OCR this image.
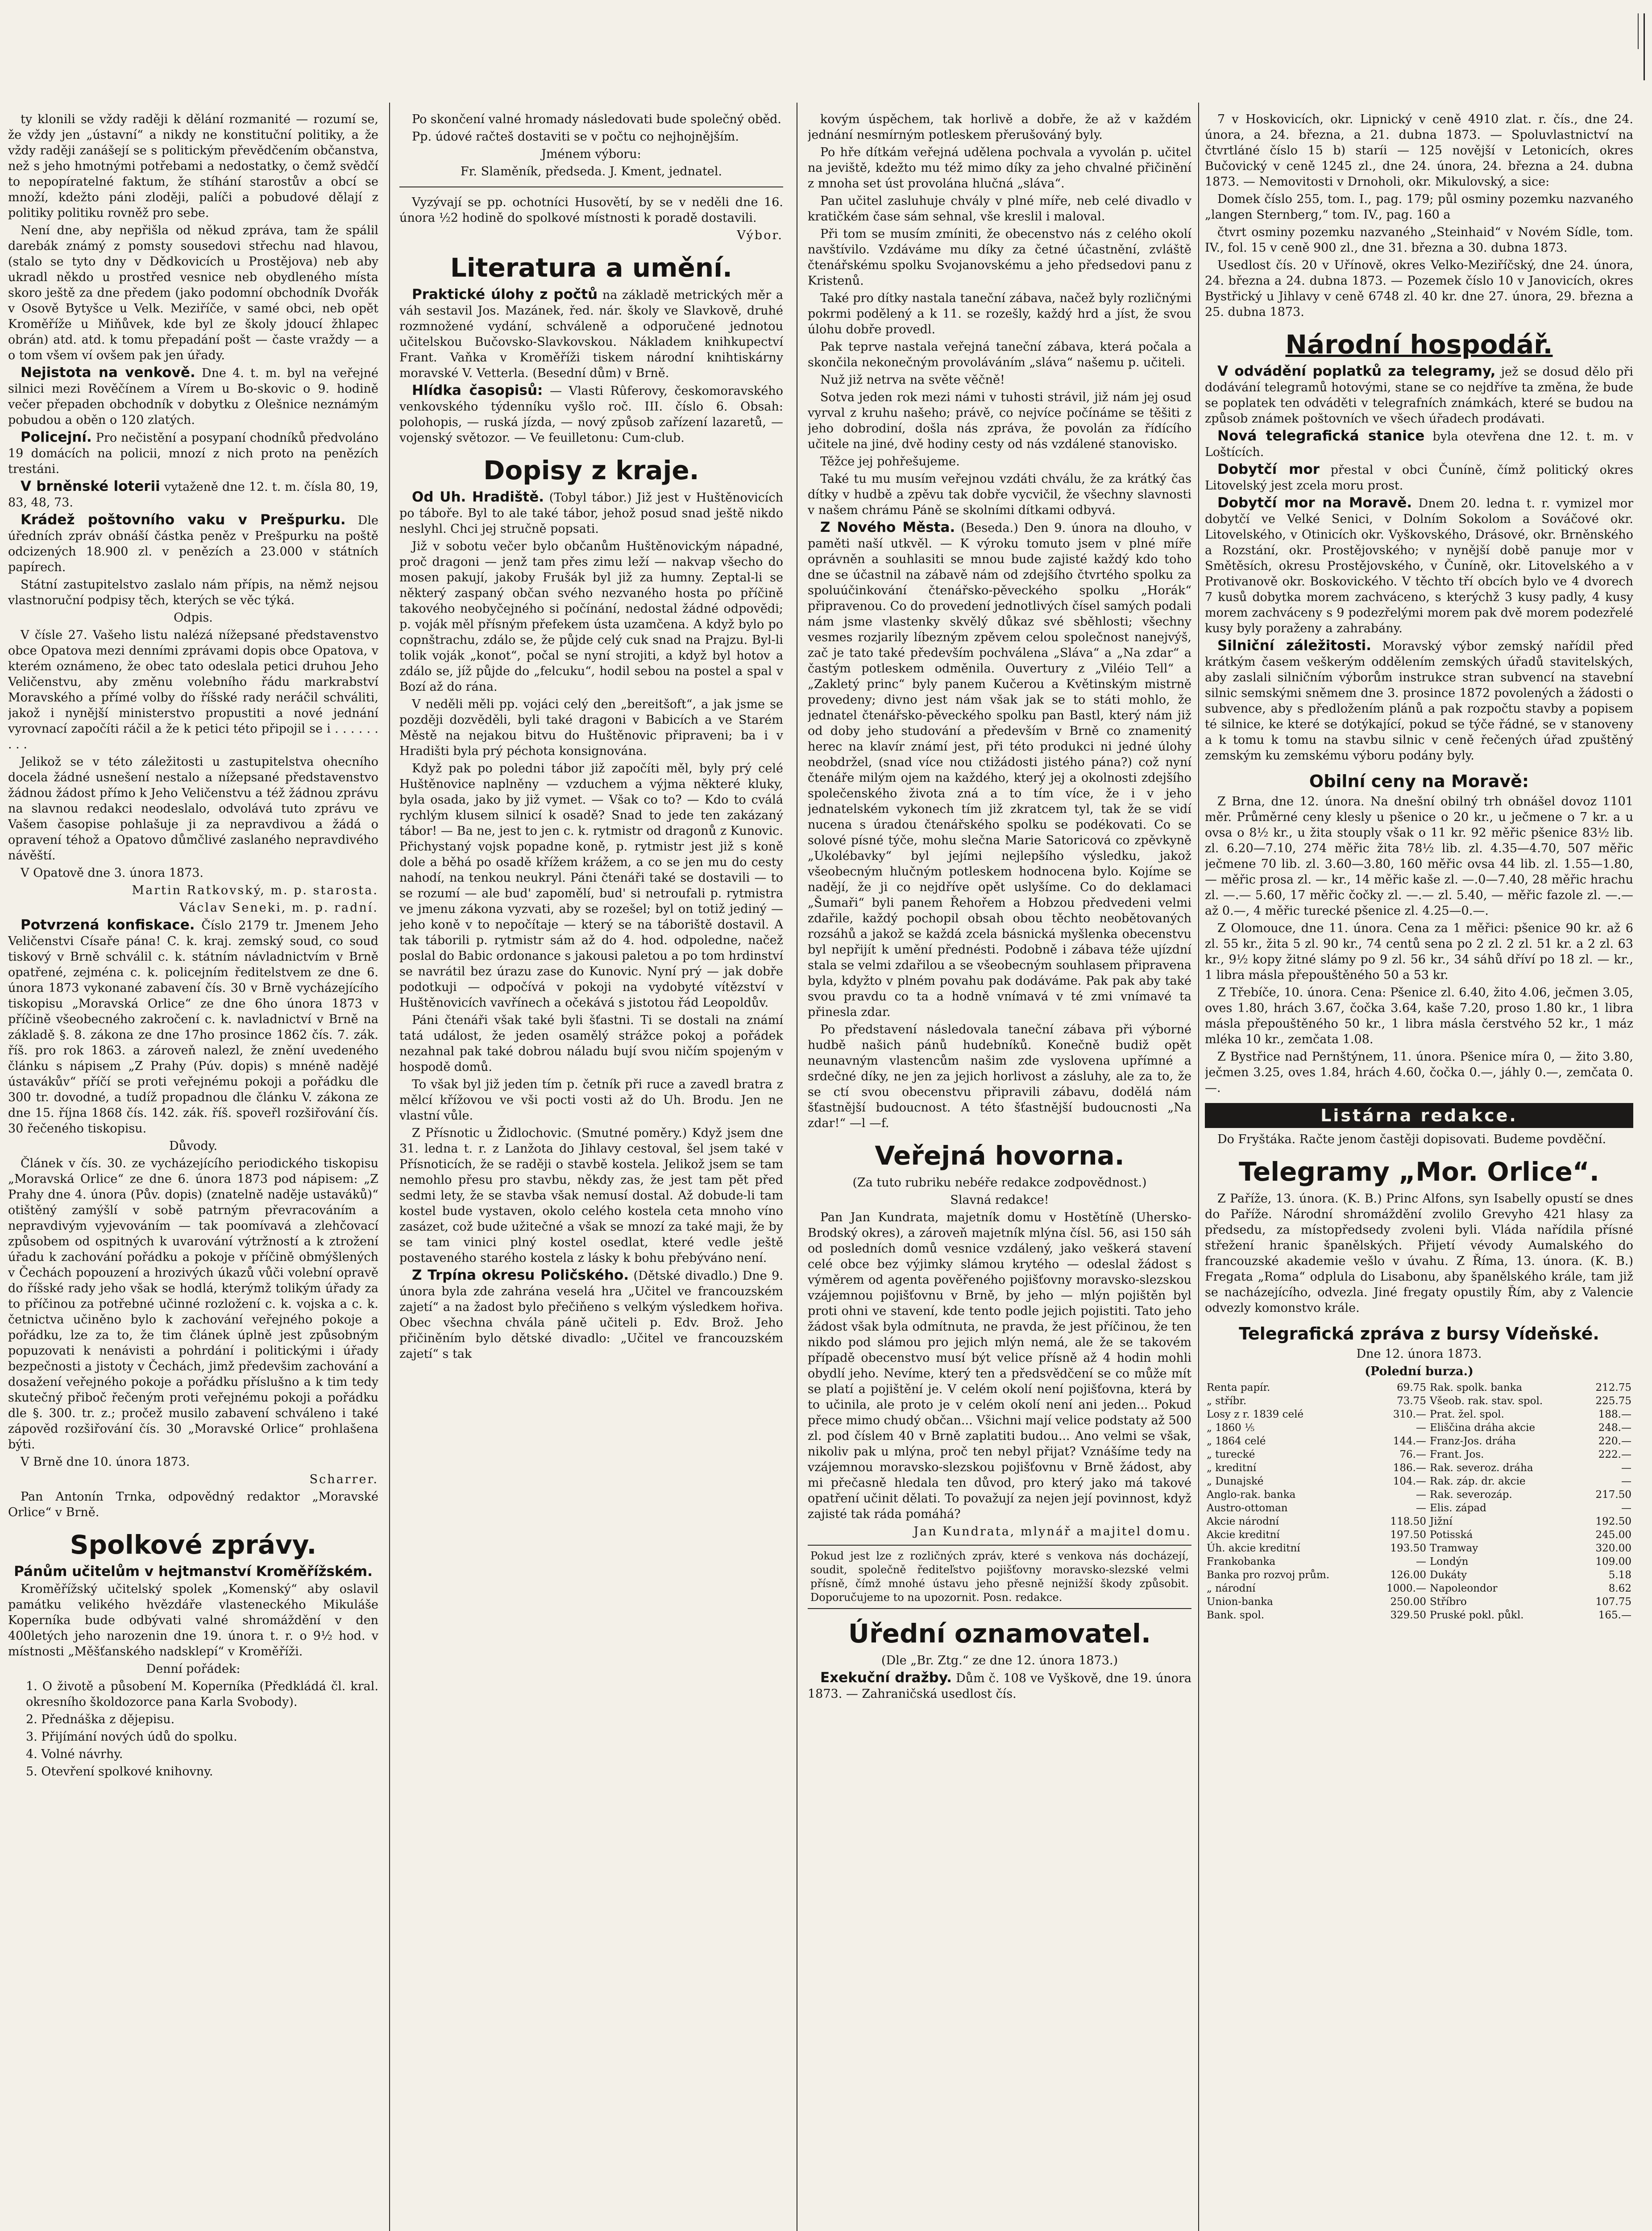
ty klonili se vždy raději k dělání rozmanité — rozumí se, že vždy jen „ústavní“ a nikdy ne konstituční politiky, a že vždy raději zanášejí se s politickým převědčením občanstva, než s jeho hmotnými potřebami a nedostatky, o čemž svědčí to nepopíratelné faktum, že stíhání starostův a obcí se množí, kdežto páni zloději, palíči a pobudové dělají z politiky politiku rovněž pro sebe.

Není dne, aby nepřišla od někud zpráva, tam že spálil darebák známý z pomsty sousedovi střechu nad hlavou, (stalo se tyto dny v Dědkovicích u Prostějova) neb aby ukradl někdo u prostřed vesnice neb obydleného místa skoro ještě za dne předem (jako podomní obchodník Dvořák v Osově Bytyšce u Velk. Meziříče, v samé obci, neb opět Kroměříže u Miňůvek, kde byl ze školy jdoucí žhlapec obrán) atd. atd. k tomu přepadání pošt — časte vraždy — a o tom všem ví ovšem pak jen úřady.

Nejistota na venkově. Dne 4. t. m. byl na veřejné silnici mezi Rověčínem a Vírem u Bo-skovic o 9. hodině večer přepaden obchodník v dobytku z Olešnice neznámým pobudou a oběn o 120 zlatých.

Policejní. Pro nečistění a posypaní chodníků předvoláno 19 domácích na policii, mnozí z nich proto na penězích trestáni.

V brněnské loterii vytaženě dne 12. t. m. čísla 80, 19, 83, 48, 73.

Krádež poštovního vaku v Prešpurku. Dle úředních zpráv obnáší částka peněz v Prešpurku na poště odcizených 18.900 zl. v penězích a 23.000 v státních papírech.

Státní zastupitelstvo zaslalo nám přípis, na němž nejsou vlastnoruční podpisy těch, kterých se věc týká.

Odpis.

V čísle 27. Vašeho listu nalézá nížepsané představenstvo obce Opatova mezi denními zprávami dopis obce Opatova, v kterém oznámeno, že obec tato odeslala petici druhou Jeho Veličenstvu, aby změnu volebního řádu markrabství Moravského a přímé volby do říšské rady neráčil schváliti, jakož i nynější ministerstvo propustiti a nové jednání vyrovnací započíti ráčil a že k petici této připojil se i . . . . . . . . .

Jelikož se v této záležitosti u zastupitelstva ohecního docela žádné usnešení nestalo a nížepsané představenstvo žádnou žádost přímo k Jeho Veličenstvu a též žádnou zprávu na slavnou redakci neodeslalo, odvolává tuto zprávu ve Vašem časopise pohlašuje ji za nepravdivou a žádá o opravení téhož a Opatovo důmčlivé zaslaného nepravdivého návěští.

V Opatově dne 3. února 1873.

Martin Ratkovský, m. p. starosta.

Václav Seneki, m. p. radní.

Potvrzená konfiskace. Číslo 2179 tr. Jmenem Jeho Veličenstvi Císaře pána! C. k. kraj. zemský soud, co soud tiskový v Brně schválil c. k. státním návladnictvím v Brně opatřené, zejména c. k. policejním ředitelstvem ze dne 6. února 1873 vykonané zabavení čís. 30 v Brně vycházejícího tiskopisu „Moravská Orlice“ ze dne 6ho února 1873 v příčině všeobecného zakročení c. k. navladnictví v Brně na základě §. 8. zákona ze dne 17ho prosince 1862 čís. 7. zák. říš. pro rok 1863. a zároveň nalezl, že znění uvedeného článku s nápisem „Z Prahy (Púv. dopis) s mnéně nadějé ústavákův“ příčí se proti veřejnému pokoji a pořádku dle 300 tr. dovodné, a tudíž propadnou dle článku V. zákona ze dne 15. října 1868 čís. 142. zák. říš. spoveřl rozšiřování čís. 30 řečeného tiskopisu.

Důvody.

Článek v čís. 30. ze vycházejícího periodického tiskopisu „Moravská Orlice“ ze dne 6. února 1873 pod nápisem: „Z Prahy dne 4. února (Pův. dopis) (znatelně naděje ustaváků)“ otištěný zamýšlí v sobě patrným převracováním a nepravdivým vyjevováním — tak poomívavá a zlehčovací způsobem od ospitných k uvarování výtržností a k ztrožení úřadu k zachování pořádku a pokoje v příčině obmýšlených v Čechách popouzení a hrozivých úkazů vůči volební opravě do říšské rady jeho však se hodlá, kterýmž tolikým úřady za to příčinou za potřebné učinné rozložení c. k. vojska a c. k. četnictva učiněno bylo k zachování veřejného pokoje a pořádku, lze za to, že tim článek úplně jest způsobným popuzovati k nenávisti a pohrdání i politickými i úřady bezpečnosti a jistoty v Čechách, jimž předevšim zachování a dosažení veřejného pokoje a pořádku příslušno a k tim tedy skutečný přiboč řečeným proti veřejnému pokoji a pořádku dle §. 300. tr. z.; pročež musilo zabavení schváleno i také zápověd rozšiřování čís. 30 „Moravské Orlice“ prohlašena býti.

V Brně dne 10. února 1873.

Scharrer.

Pan Antonín Trnka, odpovědný redaktor „Moravské Orlice“ v Brně.

Spolkové zprávy.

Pánům učitelům v hejtmanství Kroměřížském.

Kroměřížský učitelský spolek „Komenský“ aby oslavil památku velikého hvězdáře vlasteneckého Mikuláše Koperníka bude odbývati valné shromáždění v den 400letých jeho narozenin dne 19. února t. r. o 9½ hod. v místnosti „Měšťanského nadsklepí“ v Kroměříži.

Denní pořádek:

1. O životě a působení M. Koperníka (Předkládá čl. kral. okresního školdozorce pana Karla Svobody).

2. Přednáška z dějepisu.

3. Přijímání nových údů do spolku.

4. Volné návrhy.

5. Otevření spolkové knihovny.

Po skončení valné hromady následovati bude společný oběd.

Pp. údové račteš dostaviti se v počtu co nejhojnějším.

Jménem výboru:

Fr. Slaměník, předseda. J. Kment, jednatel.

Vyzývají se pp. ochotníci Husovětí, by se v neděli dne 16. února ½2 hodině do spolkové místnosti k poradě dostavili.

Výbor.

Literatura a umění.

Praktické úlohy z počtů na základě metrických měr a váh sestavil Jos. Mazánek, řed. nár. školy ve Slavkově, druhé rozmnožené vydání, schváleně a odporučené jednotou učitelskou Bučovsko-Slavkovskou. Nákladem knihkupectví Frant. Vaňka v Kroměříži tiskem národní knihtiskárny moravské V. Vetterla. (Besední dům) v Brně.

Hlídka časopisů: — Vlasti Rûferovy, českomoravského venkovského týdenníku vyšlo roč. III. číslo 6. Obsah: polohopis, — ruská jízda, — nový způsob zařízení lazaretů, — vojenský světozor. — Ve feuilletonu: Cum-club.

Dopisy z kraje.

Od Uh. Hradiště. (Tobyl tábor.) Již jest v Huštěnovicích po táboře. Byl to ale také tábor, jehož posud snad ještě nikdo neslyhl. Chci jej stručně popsati.

Již v sobotu večer bylo občanům Huštěnovickým nápadné, proč dragoni — jenž tam přes zimu leží — nakvap všecho do mosen pakují, jakoby Frušák byl již za humny. Zeptal-li se některý zaspaný občan svého nezvaného hosta po příčině takového neobyčejného si počínání, nedostal žádné odpovědi; p. voják měl přísným přefekem ústa uzamčena. A když bylo po copnštrachu, zdálo se, že půjde celý cuk snad na Prajzu. Byl-li tolik voják „konot“, počal se nyní strojiti, a když byl hotov a zdálo se, jíž půjde do „felcuku“, hodil sebou na postel a spal v Bozí až do rána.

V neděli měli pp. vojáci celý den „bereitšoft“, a jak jsme se později dozvěděli, byli také dragoni v Babicích a ve Starém Městě na nejakou bitvu do Huštěnovic připraveni; ba i v Hradišti byla prý péchota konsignována.

Když pak po poledni tábor již započíti měl, byly prý celé Huštěnovice naplněny — vzduchem a výjma některé kluky, byla osada, jako by již vymet. — Však co to? — Kdo to cválá rychlým klusem silnicí k osadě? Snad to jede ten zakázaný tábor! — Ba ne, jest to jen c. k. rytmistr od dragonů z Kunovic. Přichystaný vojsk popadne koně, p. rytmistr jest již s koně dole a běhá po osadě křížem krážem, a co se jen mu do cesty nahodí, na tenkou neukryl. Páni čtenáři také se dostavili — to se rozumí — ale bud' zapomělí, bud' si netroufali p. rytmistra ve jmenu zákona vyzvati, aby se rozešel; byl on totiž jediný — jeho koně v to nepočítaje — který se na táboriště dostavil. A tak táborili p. rytmistr sám až do 4. hod. odpoledne, načež poslal do Babic ordonance s jakousi paletou a po tom hrdinství se navrátil bez úrazu zase do Kunovic. Nyní prý — jak dobře podotkuji — odpočívá v pokoji na vydobyté vítězství v Huštěnovicích vavřínech a očekává s jistotou řád Leopoldův.

Páni čtenáři však také byli šťastni. Ti se dostali na známí tatá událost, že jeden osamělý strážce pokoj a pořádek nezahnal pak také dobrou náladu bují svou ničím spojeným v hospodě domů.

To však byl již jeden tím p. četník při ruce a zavedl bratra z mělcí křížovou ve vši pocti vosti až do Uh. Brodu. Jen ne vlastní vůle.

Z Přísnotic u Židlochovic. (Smutné poměry.) Když jsem dne 31. ledna t. r. z Lanžota do Jihlavy cestoval, šel jsem také v Přísnoticích, že se raději o stavbě kostela. Jelikož jsem se tam nemohlo přesu pro stavbu, někdy zas, že jest tam pět před sedmi lety, že se stavba však nemusí dostal. Až dobude-li tam kostel bude vystaven, okolo celého kostela ceta mnoho víno zasázet, což bude užitečné a však se mnozí za také maji, že by se tam vinici plný kostel osedlat, které vedle ještě postaveného starého kostela z lásky k bohu přebýváno není.

Z Trpína okresu Poličského. (Dětské divadlo.) Dne 9. února byla zde zahrána veselá hra „Učitel ve francouzském zajetí“ a na žadost bylo přečiňeno s velkým výsledkem hořiva. Obec všechna chvála páně učiteli p. Edv. Brož. Jeho přičiněním bylo dětské divadlo: „Učitel ve francouzském zajetí“ s tak

kovým úspěchem, tak horlivě a dobře, že až v každém jednání nesmírným potleskem přerušováný byly.

Po hře dítkám veřejná udělena pochvala a vyvolán p. učitel na jeviště, kdežto mu též mimo díky za jeho chvalné přičinění z mnoha set úst provolána hlučná „sláva“.

Pan učitel zasluhuje chvály v plné míře, neb celé divadlo v kratičkém čase sám sehnal, vše kreslil i maloval.

Při tom se musím zmíniti, že obecenstvo nás z celého okolí navštívilo. Vzdáváme mu díky za četné účastnění, zvláště čtenářskému spolku Svojanovskému a jeho předsedovi panu z Kristenů.

Také pro dítky nastala taneční zábava, načež byly rozličnými pokrmi podělený a k 11. se rozešly, každý hrd a jíst, že svou úlohu dobře provedl.

Pak teprve nastala veřejná taneční zábava, která počala a skončila nekonečným provoláváním „sláva“ našemu p. učiteli.

Nuž již netrva na světe věčně!

Sotva jeden rok mezi námi v tuhosti strávil, již nám jej osud vyrval z kruhu našeho; právě, co nejvíce počínáme se těšiti z jeho dobrodiní, došla nás zpráva, že povolán za řídícího učitele na jiné, dvě hodiny cesty od nás vzdálené stanovisko.

Těžce jej pohřešujeme.

Také tu mu musím veřejnou vzdáti chválu, že za krátký čas dítky v hudbě a zpěvu tak dobře vycvičil, že všechny slavnosti v našem chrámu Páně se skolními dítkami odbyvá.

Z Nového Města. (Beseda.) Den 9. února na dlouho, v paměti naší utkvěl. — K výroku tomuto jsem v plné míře oprávněn a souhlasiti se mnou bude zajisté každý kdo toho dne se účastnil na zábavě nám od zdejšího čtvrtého spolku za spoluúčinkování čtenářsko-pěveckého spolku „Horák“ připravenou. Co do provedení jednotlivých čísel samých podali nám jsme vlastenky skvělý důkaz své sběhlosti; všechny vesmes rozjarily líbezným zpěvem celou společnost nanejvýš, zač je tato také především pochválena „Sláva“ a „Na zdar“ a častým potleskem odměnila. Ouvertury z „Viléio Tell“ a „Zakletý princ“ byly panem Kučerou a Květinským mistrně provedeny; divno jest nám však jak se to státi mohlo, že jednatel čtenářsko-pěveckého spolku pan Bastl, který nám již od doby jeho studování a především v Brně co znamenitý herec na klavír známí jest, při této produkci ni jedné úlohy neobdržel, (snad více nou ctižádosti jistého pána?) což nyní čtenáře milým ojem na každého, který jej a okolnosti zdejšího společenského života zná a to tím více, že i v jeho jednatelském vykonech tím již zkratcem tyl, tak že se vidí nucena s úradou čtenářského spolku se podékovati. Co se solové písné týče, mohu slečna Marie Satoricová co zpěvkyně „Ukolébavky“ byl jejími nejlepšího výsledku, jakož všeobecným hlučným potleskem hodnocena bylo. Kojíme se nadějí, že ji co nejdříve opět uslyšíme. Co do deklamaci „Šumaři“ byli panem Řehořem a Hobzou předvedeni velmi zdařile, každý pochopil obsah obou těchto neobětovaných rozsáhů a jakož se každá zcela básnická myšlenka obecenstvu byl nepřijít k umění přednésti. Podobně i zábava téže ujízdní stala se velmi zdařilou a se všeobecným souhlasem připravena byla, kdyžto v plném povahu pak dodáváme. Pak pak aby také svou pravdu co ta a hodně vnímavá v té zmi vnímavé ta přinesla zdar.

Po představení následovala taneční zábava při výborné hudbě našich pánů hudebníků. Konečně budiž opět neunavným vlastencům našim zde vyslovena upřímné a srdečné díky, ne jen za jejich horlivost a zásluhy, ale za to, že se ctí svou obecenstvu připravili zábavu, dodělá nám šťastnější budoucnost. A této šťastnější budoucnosti „Na zdar!“ —l —f.

Veřejná hovorna.

(Za tuto rubriku nebéře redakce zodpovědnost.)

Slavná redakce!

Pan Jan Kundrata, majetník domu v Hostětíně (Uhersko-Brodský okres), a zároveň majetník mlýna čísl. 56, asi 150 sáh od posledních domů vesnice vzdálený, jako veškerá stavení celé obce bez výjimky slámou krytého — odeslal žádost s výměrem od agenta pověřeného pojišťovny moravsko-slezskou vzájemnou pojišťovnu v Brně, by jeho — mlýn pojištěn byl proti ohni ve stavení, kde tento podle jejich pojistiti. Tato jeho žádost však byla odmítnuta, ne pravda, že jest příčinou, že ten nikdo pod slámou pro jejich mlýn nemá, ale že se takovém případě obecenstvo musí být velice přísně až 4 hodin mohli obydlí jeho. Nevíme, který ten a předsvědčení se co může mít se platí a pojištění je. V celém okolí není pojišťovna, která by to učinila, ale proto je v celém okolí není ani jeden... Pokud přece mimo chudý občan... Všichni mají velice podstaty až 500 zl. pod číslem 40 v Brně zaplatiti budou... Ano velmi se však, nikoliv pak u mlýna, proč ten nebyl přijat? Vznášíme tedy na vzájemnou moravsko-slezskou pojišťovnu v Brně žádost, aby mi přečasně hledala ten důvod, pro který jako má takové opatření učinit dělati. To považují za nejen její povinnost, když zajisté tak ráda pomáhá?

Jan Kundrata, mlynář a majitel domu.

Pokud jest lze z rozličných zpráv, které s venkova nás docházejí, soudit, společně řediteľstvo pojišťovny moravsko-slezské velmi přísně, čímž mnohé ústavu jeho přesně nejnižší škody způsobit. Doporučujeme to na upozornit. Posn. redakce.
Úřední oznamovatel.

(Dle „Br. Ztg.“ ze dne 12. února 1873.)

Exekuční dražby. Dům č. 108 ve Vyškově, dne 19. února 1873. — Zahraničská usedlost čís.

7 v Hoskovicích, okr. Lipnický v ceně 4910 zlat. r. čís., dne 24. února, a 24. března, a 21. dubna 1873. — Spoluvlastnictví na čtvrtláné číslo 15 b) staríi — 125 novější v Letonicích, okres Bučovický v ceně 1245 zl., dne 24. února, 24. března a 24. dubna 1873. — Nemovitosti v Drnoholi, okr. Mikulovský, a sice:

Domek číslo 255, tom. I., pag. 179; půl osminy pozemku nazvaného „langen Sternberg,“ tom. IV., pag. 160 a

čtvrt osminy pozemku nazvaného „Steinhaid“ v Novém Sídle, tom. IV., fol. 15 v ceně 900 zl., dne 31. března a 30. dubna 1873.

Usedlost čís. 20 v Uřínově, okres Velko-Meziříčský, dne 24. února, 24. března a 24. dubna 1873. — Pozemek číslo 10 v Janovicích, okres Bystřický u Jihlavy v ceně 6748 zl. 40 kr. dne 27. února, 29. března a 25. dubna 1873.

Národní hospodář.

V odvádění poplatků za telegramy, jež se dosud dělo při dodávání telegramů hotovými, stane se co nejdříve ta změna, že bude se poplatek ten odváděti v telegrafních známkách, které se budou na způsob známek poštovních ve všech úřadech prodávati.

Nová telegrafická stanice byla otevřena dne 12. t. m. v Loštících.

Dobytčí mor přestal v obci Čuníně, čímž politický okres Litovelský jest zcela moru prost.

Dobytčí mor na Moravě. Dnem 20. ledna t. r. vymizel mor dobytčí ve Velké Senici, v Dolním Sokolom a Sováčové okr. Litovelského, v Otinicích okr. Vyškovského, Drásové, okr. Brněnského a Rozstání, okr. Prostějovského; v nynější době panuje mor v Smětěsích, okresu Prostějovského, v Čuníně, okr. Litovelského a v Protivanově okr. Boskovického. V těchto tří obcích bylo ve 4 dvorech 7 kusů dobytka morem zachváceno, s kterýchž 3 kusy padly, 4 kusy morem zachváceny s 9 podezřelými morem pak dvě morem podezřelé kusy byly poraženy a zahrabány.

Silniční záležitosti. Moravský výbor zemský nařídil před krátkým časem veškerým oddělením zemských úřadů stavitelských, aby zaslali silničním výborům instrukce stran subvencí na stavební silnic semskými sněmem dne 3. prosince 1872 povolených a žádosti o subvence, aby s předložením plánů a pak rozpočtu stavby a popisem té silnice, ke které se dotýkající, pokud se týče řádné, se v stanoveny a k tomu k tomu na stavbu silnic v ceně řečených úřad zpuštěný zemským ku zemskému výboru podány byly.

Obilní ceny na Moravě:

Z Brna, dne 12. února. Na dnešní obilný trh obnášel dovoz 1101 měr. Průměrné ceny klesly u pšenice o 20 kr., u ječmene o 7 kr. a u ovsa o 8½ kr., u žita stouply však o 11 kr. 92 měřic pšenice 83½ lib. zl. 6.20—7.10, 274 měřic žita 78½ lib. zl. 4.35—4.70, 507 měřic ječmene 70 lib. zl. 3.60—3.80, 160 měřic ovsa 44 lib. zl. 1.55—1.80, — měřic prosa zl. — kr., 14 měřic kaše zl. —.0—7.40, 28 měřic hrachu zl. —.— 5.60, 17 měřic čočky zl. —.— zl. 5.40, — měřic fazole zl. —.— až 0.—, 4 měřic turecké pšenice zl. 4.25—0.—.

Z Olomouce, dne 11. února. Cena za 1 měřici: pšenice 90 kr. až 6 zl. 55 kr., žita 5 zl. 90 kr., 74 centů sena po 2 zl. 2 zl. 51 kr. a 2 zl. 63 kr., 9½ kopy žitné slámy po 9 zl. 56 kr., 34 sáhů dříví po 18 zl. — kr., 1 libra másla přepouštěného 50 a 53 kr.

Z Třebíče, 10. února. Cena: Pšenice zl. 6.40, žito 4.06, ječmen 3.05, oves 1.80, hrách 3.67, čočka 3.64, kaše 7.20, proso 1.80 kr., 1 libra másla přepouštěného 50 kr., 1 libra másla čerstvého 52 kr., 1 máz mléka 10 kr., zemčata 1.08.

Z Bystřice nad Pernštýnem, 11. února. Pšenice míra 0, — žito 3.80, ječmen 3.25, oves 1.84, hrách 4.60, čočka 0.—, jáhly 0.—, zemčata 0.—.

Listárna redakce.

Do Fryštáka. Račte jenom častěji dopisovati. Budeme povděční.

Telegramy „Mor. Orlice“.

Z Paříže, 13. února. (K. B.) Princ Alfons, syn Isabelly opustí se dnes do Paříže. Národní shromáždění zvolilo Grevyho 421 hlasy za předsedu, za místopředsedy zvoleni byli. Vláda nařídila přísné střežení hranic španělských. Přijetí vévody Aumalského do francouzské akademie vešlo v úvahu. Z Říma, 13. února. (K. B.) Fregata „Roma“ odplula do Lisabonu, aby španělského krále, tam již se nacházejícího, odvezla. Jiné fregaty opustily Řím, aby z Valencie odvezly komonstvo krále.

Telegrafická zpráva z bursy Vídeňské.

Dne 12. února 1873.

(Polední burza.)

Renta papír.	69.75	Rak. spolk. banka	212.75
„ stříbr.	73.75	Všeob. rak. stav. spol.	225.75
Losy z r. 1839 celé	310.—	Prat. žel. spol.	188.—
„ 1860 ⅕	—	Eliščina dráha akcie	248.—
„ 1864 celé	144.—	Franz-Jos. dráha	220.—
„ turecké	76.—	Frant. Jos.	222.—
„ kreditní	186.—	Rak. severoz. dráha	—
„ Dunajské	104.—	Rak. záp. dr. akcie	—
Anglo-rak. banka	—	Rak. severozáp.	217.50
Austro-ottoman	—	Elis. západ	—
Akcie národní	118.50	Jižní	192.50
Akcie kreditní	197.50	Potisská	245.00
Úh. akcie kreditní	193.50	Tramway	320.00
Frankobanka	—	Londýn	109.00
Banka pro rozvoj prům.	126.00	Dukáty	5.18
„ národní	1000.—	Napoleondor	8.62
Union-banka	250.00	Stříbro	107.75
Bank. spol.	329.50	Pruské pokl. půkl.	165.—
